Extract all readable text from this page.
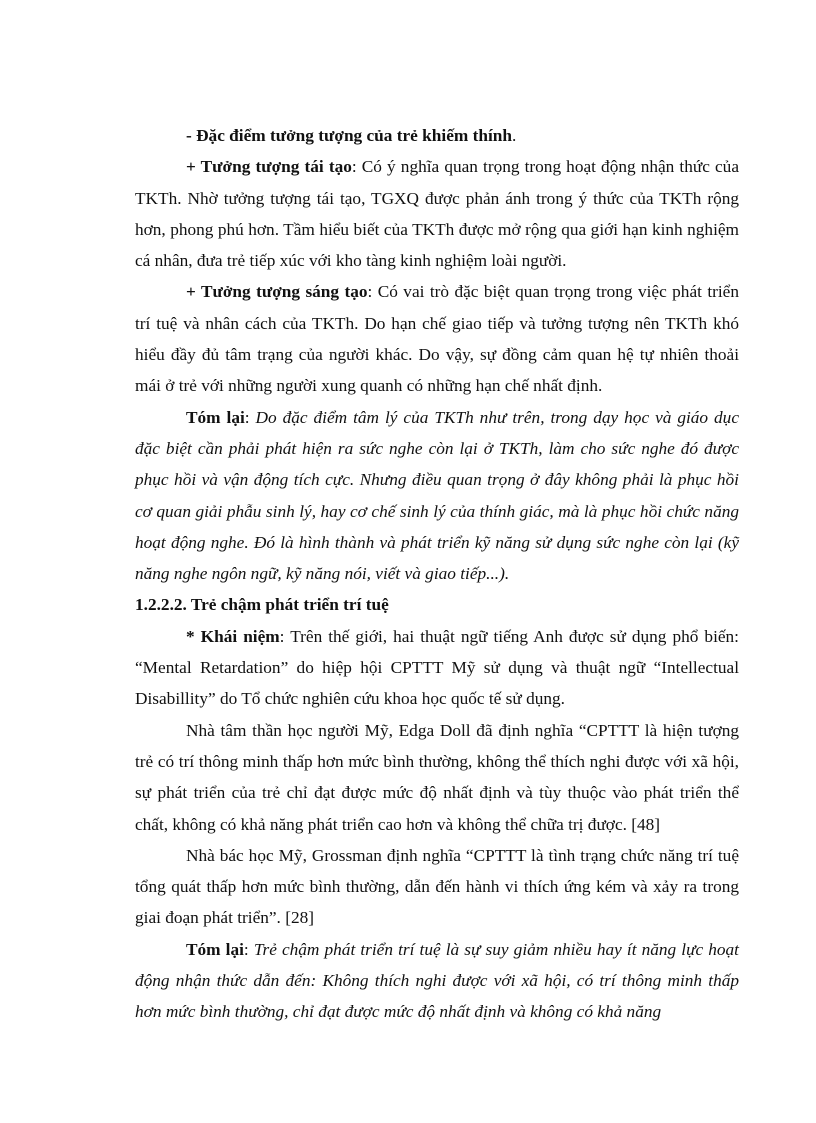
- Đặc điểm tưởng tượng của trẻ khiếm thính.

+ Tưởng tượng tái tạo: Có ý nghĩa quan trọng trong hoạt động nhận thức của TKTh. Nhờ tưởng tượng tái tạo, TGXQ được phản ánh trong ý thức của TKTh rộng hơn, phong phú hơn. Tầm hiểu biết của TKTh được mở rộng qua giới hạn kinh nghiệm cá nhân, đưa trẻ tiếp xúc với kho tàng kinh nghiệm loài người.

+ Tưởng tượng sáng tạo: Có vai trò đặc biệt quan trọng trong việc phát triển trí tuệ và nhân cách của TKTh. Do hạn chế giao tiếp và tưởng tượng nên TKTh khó hiểu đầy đủ tâm trạng của người khác. Do vậy, sự đồng cảm quan hệ tự nhiên thoải mái ở trẻ với những người xung quanh có những hạn chế nhất định.

Tóm lại: Do đặc điểm tâm lý của TKTh như trên, trong dạy học và giáo dục đặc biệt cần phải phát hiện ra sức nghe còn lại ở TKTh, làm cho sức nghe đó được phục hồi và vận động tích cực. Nhưng điều quan trọng ở đây không phải là phục hồi cơ quan giải phẫu sinh lý, hay cơ chế sinh lý của thính giác, mà là phục hồi chức năng hoạt động nghe. Đó là hình thành và phát triển kỹ năng sử dụng sức nghe còn lại (kỹ năng nghe ngôn ngữ, kỹ năng nói, viết và giao tiếp...).

1.2.2.2. Trẻ chậm phát triển trí tuệ

* Khái niệm: Trên thế giới, hai thuật ngữ tiếng Anh được sử dụng phổ biến: “Mental Retardation” do hiệp hội CPTTT Mỹ sử dụng và thuật ngữ “Intellectual Disabillity” do Tổ chức nghiên cứu khoa học quốc tế sử dụng.

Nhà tâm thần học người Mỹ, Edga Doll đã định nghĩa “CPTTT là hiện tượng trẻ có trí thông minh thấp hơn mức bình thường, không thể thích nghi được với xã hội, sự phát triển của trẻ chỉ đạt được mức độ nhất định và tùy thuộc vào phát triển thể chất, không có khả năng phát triển cao hơn và không thể chữa trị được. [48]

Nhà bác học Mỹ, Grossman định nghĩa “CPTTT là tình trạng chức năng trí tuệ tổng quát thấp hơn mức bình thường, dẫn đến hành vi thích ứng kém và xảy ra trong giai đoạn phát triển”. [28]

Tóm lại: Trẻ chậm phát triển trí tuệ là sự suy giảm nhiều hay ít năng lực hoạt động nhận thức dẫn đến: Không thích nghi được với xã hội, có trí thông minh thấp hơn mức bình thường, chỉ đạt được mức độ nhất định và không có khả năng
